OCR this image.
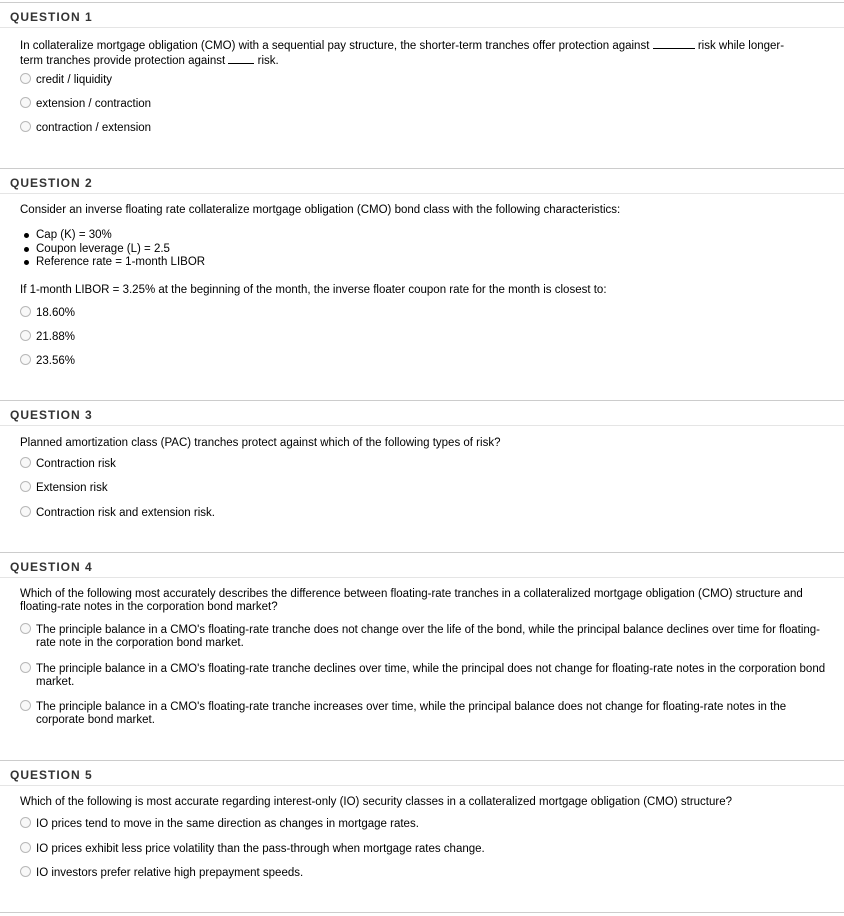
QUESTION 1
In collateralize mortgage obligation (CMO) with a sequential pay structure, the shorter-term tranches offer protection against	risk while longer-
term tranches provide protection against	risk.
credit / liquidity
extension / contraction
contraction / extension
QUESTION 2
Consider an inverse floating rate collateralize mortgage obligation (CMO) bond class with the following characteristics:
Cap (K) = 30%
Coupon leverage (L) = 2.5
Reference rate = 1-month LIBOR
If 1-month LIBOR = 3.25% at the beginning of the month, the inverse floater coupon rate for the month is closest to:
18.60%
21.88%
23.56%
QUESTION 3
Planned amortization class (PAC) tranches protect against which of the following types of risk?
Contraction risk
Extension risk
Contraction risk and extension risk.
QUESTION 4
Which of the following most accurately describes the difference between floating-rate tranches in a collateralized mortgage obligation (CMO) structure and floating-rate notes in the corporation bond market?
The principle balance in a CMO's floating-rate tranche does not change over the life of the bond, while the principal balance declines over time for floating-rate note in the corporation bond market.
The principle balance in a CMO's floating-rate tranche declines over time, while the principal does not change for floating-rate notes in the corporation bond market.
The principle balance in a CMO's floating-rate tranche increases over time, while the principal balance does not change for floating-rate notes in the corporate bond market.
QUESTION 5
Which of the following is most accurate regarding interest-only (IO) security classes in a collateralized mortgage obligation (CMO) structure?
IO prices tend to move in the same direction as changes in mortgage rates.
IO prices exhibit less price volatility than the pass-through when mortgage rates change.
IO investors prefer relative high prepayment speeds.
